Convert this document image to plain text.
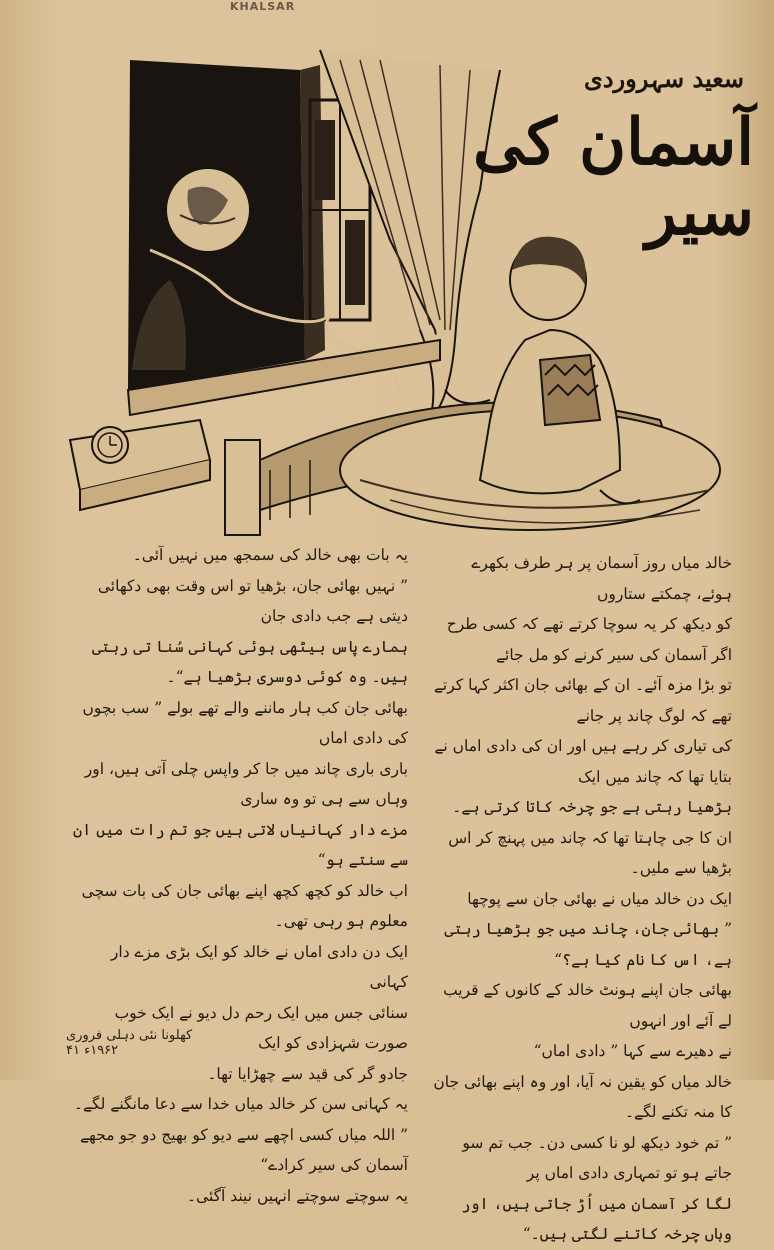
KHALSAR
سعید سہروردی
آسمان کی سیر

خالد میاں روز آسمان پر ہر طرف بکھرے ہوئے، چمکتے ستاروں

کو دیکھ کر یہ سوچا کرتے تھے کہ کسی طرح اگر آسمان کی سیر کرنے کو مل جائے

تو بڑا مزہ آئے۔ ان کے بھائی جان اکثر کہا کرتے تھے کہ لوگ چاند پر جانے

کی تیاری کر رہے ہیں اور ان کی دادی اماں نے بتایا تھا کہ چاند میں ایک

بڑھیا رہتی ہے جو چرخہ کاتا کرتی ہے۔

ان کا جی چاہتا تھا کہ چاند میں پہنچ کر اس بڑھیا سے ملیں۔

ایک دن خالد میاں نے بھائی جان سے پوچھا

” بھائی جان، چاند میں جو بڑھیا رہتی ہے، اس کا نام کیا ہے؟“

بھائی جان اپنے ہونٹ خالد کے کانوں کے قریب لے آئے اور انہوں

نے دھیرے سے کہا ” دادی اماں“

خالد میاں کو یقین نہ آیا، اور وہ اپنے بھائی جان کا منہ تکنے لگے۔

” تم خود دیکھ لو نا کسی دن۔ جب تم سو جاتے ہو تو تمہاری دادی اماں پر

لگا کر آسمان میں اُڑ جاتی ہیں، اور وہاں چرخہ کاتنے لگتی ہیں۔“

یہ بات بھی خالد کی سمجھ میں نہیں آئی۔

” نہیں بھائی جان، بڑھیا تو اس وقت بھی دکھائی دیتی ہے جب دادی جان

ہمارے پاس بیٹھی ہوئی کہانی سُنا تی رہتی ہیں۔ وہ کوئی دوسری بڑھیا ہے“۔

بھائی جان کب ہار ماننے والے تھے بولے ” سب بچوں کی دادی اماں

باری باری چاند میں جا کر واپس چلی آتی ہیں، اور وہاں سے ہی تو وہ ساری

مزے دار کہانیاں لاتی ہیں جو تم رات میں ان سے سنتے ہو“

اب خالد کو کچھ کچھ اپنے بھائی جان کی بات سچی معلوم ہو رہی تھی۔

ایک دن دادی اماں نے خالد کو ایک بڑی مزے دار کہانی

سنائی جس میں ایک رحم دل دیو نے ایک خوب صورت شہزادی کو ایک

جادو گر کی قید سے چھڑایا تھا۔

یہ کہانی سن کر خالد میاں خدا سے دعا مانگنے لگے۔

” اللہ میاں کسی اچھے سے دیو کو بھیج دو جو مجھے آسمان کی سیر کرادے“

یہ سوچتے سوچتے انہیں نیند آگئی۔

کھلونا نئی دہلی فروری ۱۹۶۲ء ۴۱
